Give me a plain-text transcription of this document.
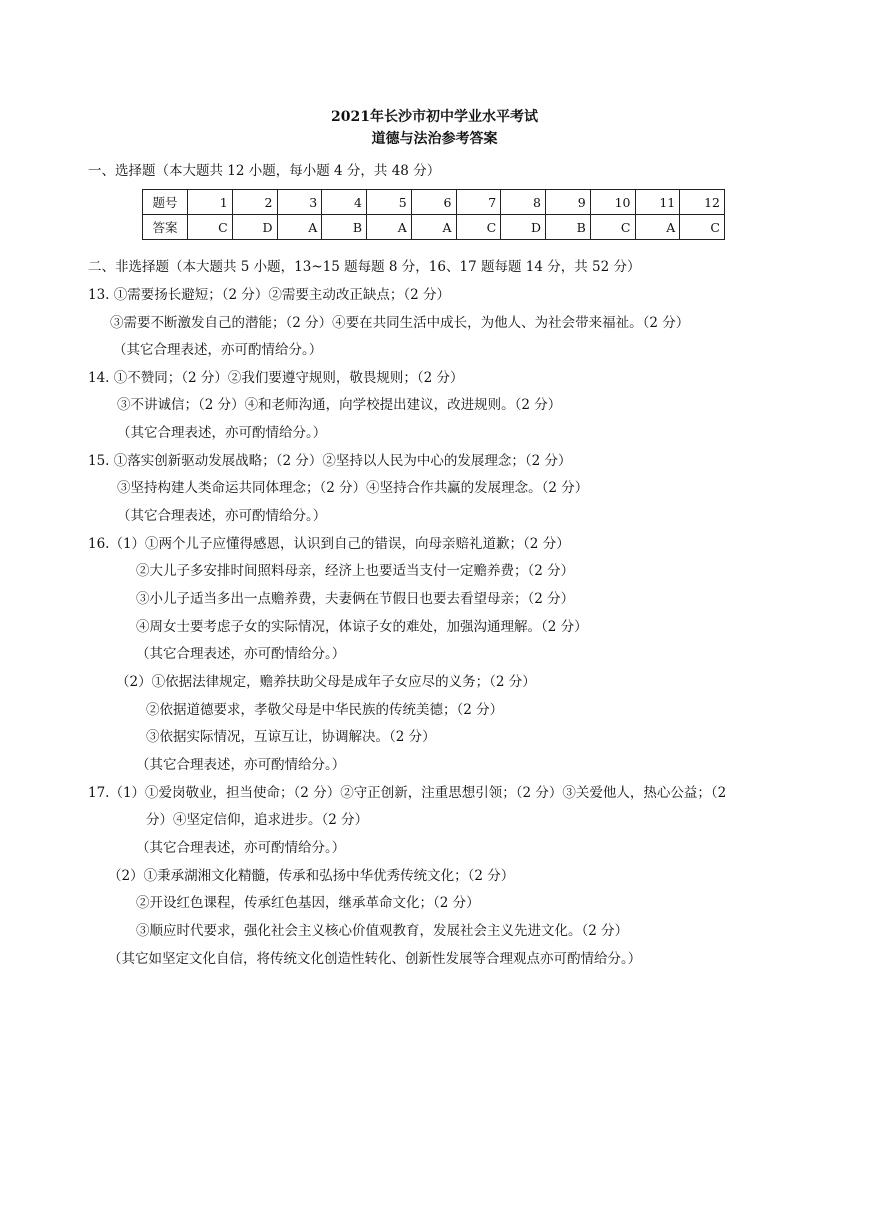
2021年长沙市初中学业水平考试
道德与法治参考答案
一、选择题（本大题共 12 小题，每小题 4 分，共 48 分）
题号	1	2	3	4	5	6	7	8	9	10	11	12
答案	C	D	A	B	A	A	C	D	B	C	A	C
二、非选择题（本大题共 5 小题，13~15 题每题 8 分，16、17 题每题 14 分，共 52 分）
13. ①需要扬长避短；（2 分）②需要主动改正缺点；（2 分）
③需要不断激发自己的潜能；（2 分）④要在共同生活中成长，为他人、为社会带来福祉。（2 分）
（其它合理表述，亦可酌情给分。）
14. ①不赞同；（2 分）②我们要遵守规则，敬畏规则；（2 分）
③不讲诚信；（2 分）④和老师沟通，向学校提出建议，改进规则。（2 分）
（其它合理表述，亦可酌情给分。）
15. ①落实创新驱动发展战略；（2 分）②坚持以人民为中心的发展理念；（2 分）
③坚持构建人类命运共同体理念；（2 分）④坚持合作共赢的发展理念。（2 分）
（其它合理表述，亦可酌情给分。）
16.（1）①两个儿子应懂得感恩，认识到自己的错误，向母亲赔礼道歉；（2 分）
②大儿子多安排时间照料母亲，经济上也要适当支付一定赡养费；（2 分）
③小儿子适当多出一点赡养费，夫妻俩在节假日也要去看望母亲；（2 分）
④周女士要考虑子女的实际情况，体谅子女的难处，加强沟通理解。（2 分）
（其它合理表述，亦可酌情给分。）
（2）①依据法律规定，赡养扶助父母是成年子女应尽的义务；（2 分）
②依据道德要求，孝敬父母是中华民族的传统美德；（2 分）
③依据实际情况，互谅互让，协调解决。（2 分）
（其它合理表述，亦可酌情给分。）
17.（1）①爱岗敬业，担当使命；（2 分）②守正创新，注重思想引领；（2 分）③关爱他人，热心公益；（2
分）④坚定信仰，追求进步。（2 分）
（其它合理表述，亦可酌情给分。）
（2）①秉承湖湘文化精髓，传承和弘扬中华优秀传统文化；（2 分）
②开设红色课程，传承红色基因，继承革命文化；（2 分）
③顺应时代要求，强化社会主义核心价值观教育，发展社会主义先进文化。（2 分）
（其它如坚定文化自信，将传统文化创造性转化、创新性发展等合理观点亦可酌情给分。）
